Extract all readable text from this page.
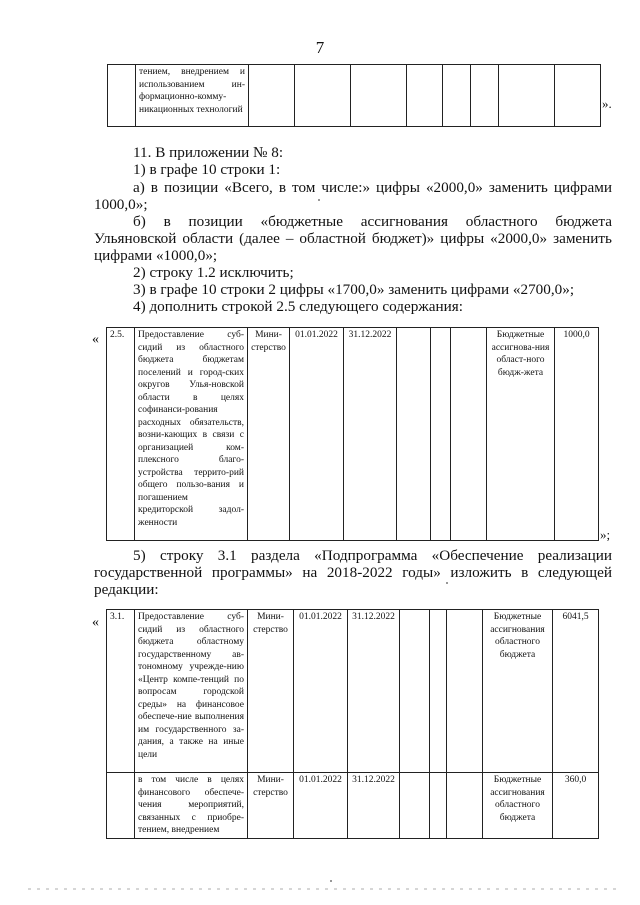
7
	тением, внедрением и использованием ин-формационно-комму-никационных технологий									».
11. В приложении № 8:
1) в графе 10 строки 1:
а) в позиции «Всего, в том числе:» цифры «2000,0» заменить цифрами
1000,0»;
б) в позиции «бюджетные ассигнования областного бюджета
Ульяновской области (далее – областной бюджет)» цифры «2000,0» заменить
цифрами «1000,0»;
2) строку 1.2 исключить;
3) в графе 10 строки 2 цифры «1700,0» заменить цифрами «2700,0»;
4) дополнить строкой 2.5 следующего содержания:
« 2.5.	Предоставление суб-сидий из областного бюджета бюджетам поселений и город-ских округов Улья-новской области в целях софинанси-рования расходных обязательств, возни-кающих в связи с организацией ком-плексного благо-устройства террито-рий общего пользо-вания и погашением кредиторской задол-женности	Мини-стерство	01.01.2022	31.12.2022				Бюджетные ассигнова-ния област-ного бюдж-жета	1000,0
»;
5) строку 3.1 раздела «Подпрограмма «Обеспечение реализации
государственной программы» на 2018-2022 годы» изложить в следующей
редакции:
« 3.1.	Предоставление суб-сидий из областного бюджета областному государственному ав-тономному учрежде-нию «Центр компе-тенций по вопросам городской среды» на финансовое обеспече-ние выполнения им государственного за-дания, а также на иные цели	Мини-стерство	01.01.2022	31.12.2022				Бюджетные ассигнования областного бюджета	6041,5
	в том числе в целях финансового обеспече-чения мероприятий, связанных с приобре-тением, внедрением	Мини-стерство	01.01.2022	31.12.2022				Бюджетные ассигнования областного бюджета	360,0
